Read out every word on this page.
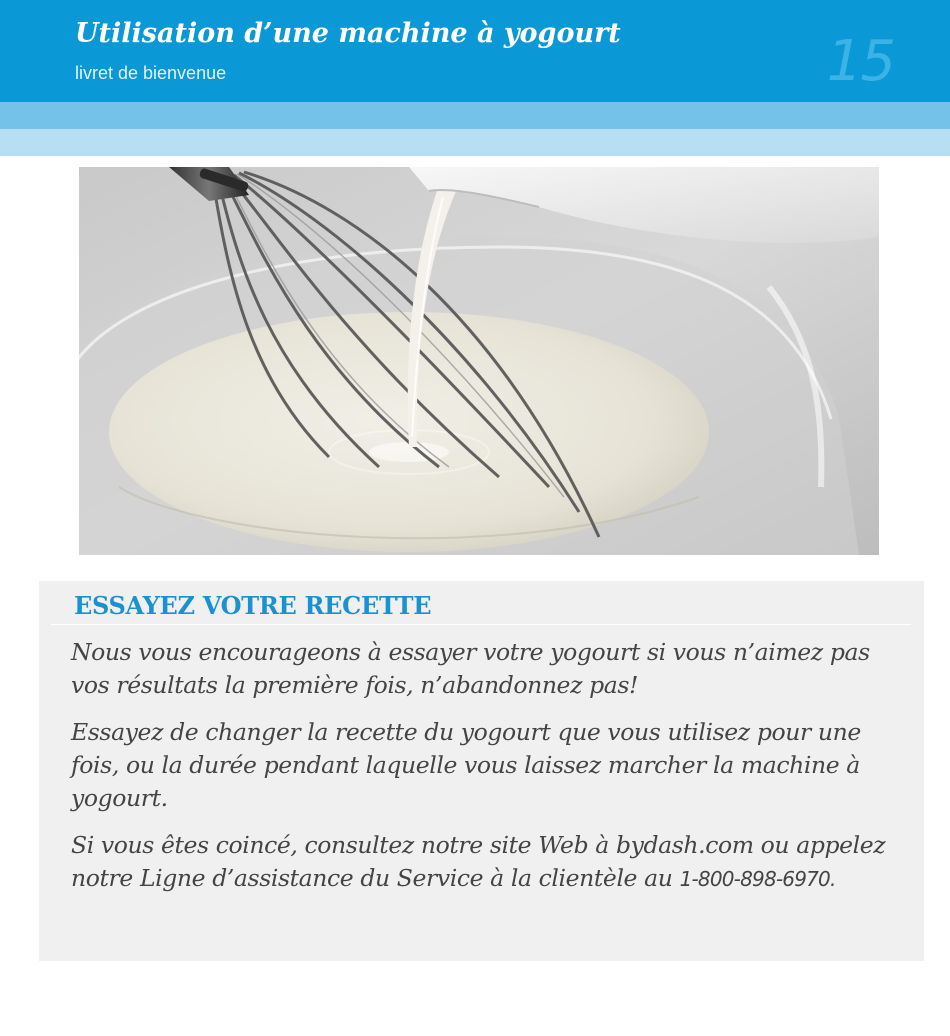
Utilisation d’une machine à yogourt
livret de bienvenue	15
ESSAYEZ VOTRE RECETTE

Nous vous encourageons à essayer votre yogourt si vous n’aimez pas vos résultats la première fois, n’abandonnez pas!

Essayez de changer la recette du yogourt que vous utilisez pour une fois, ou la durée pendant laquelle vous laissez marcher la machine à yogourt.

Si vous êtes coincé, consultez notre site Web à bydash.com ou appelez notre Ligne d’assistance du Service à la clientèle au 1-800-898-6970.
